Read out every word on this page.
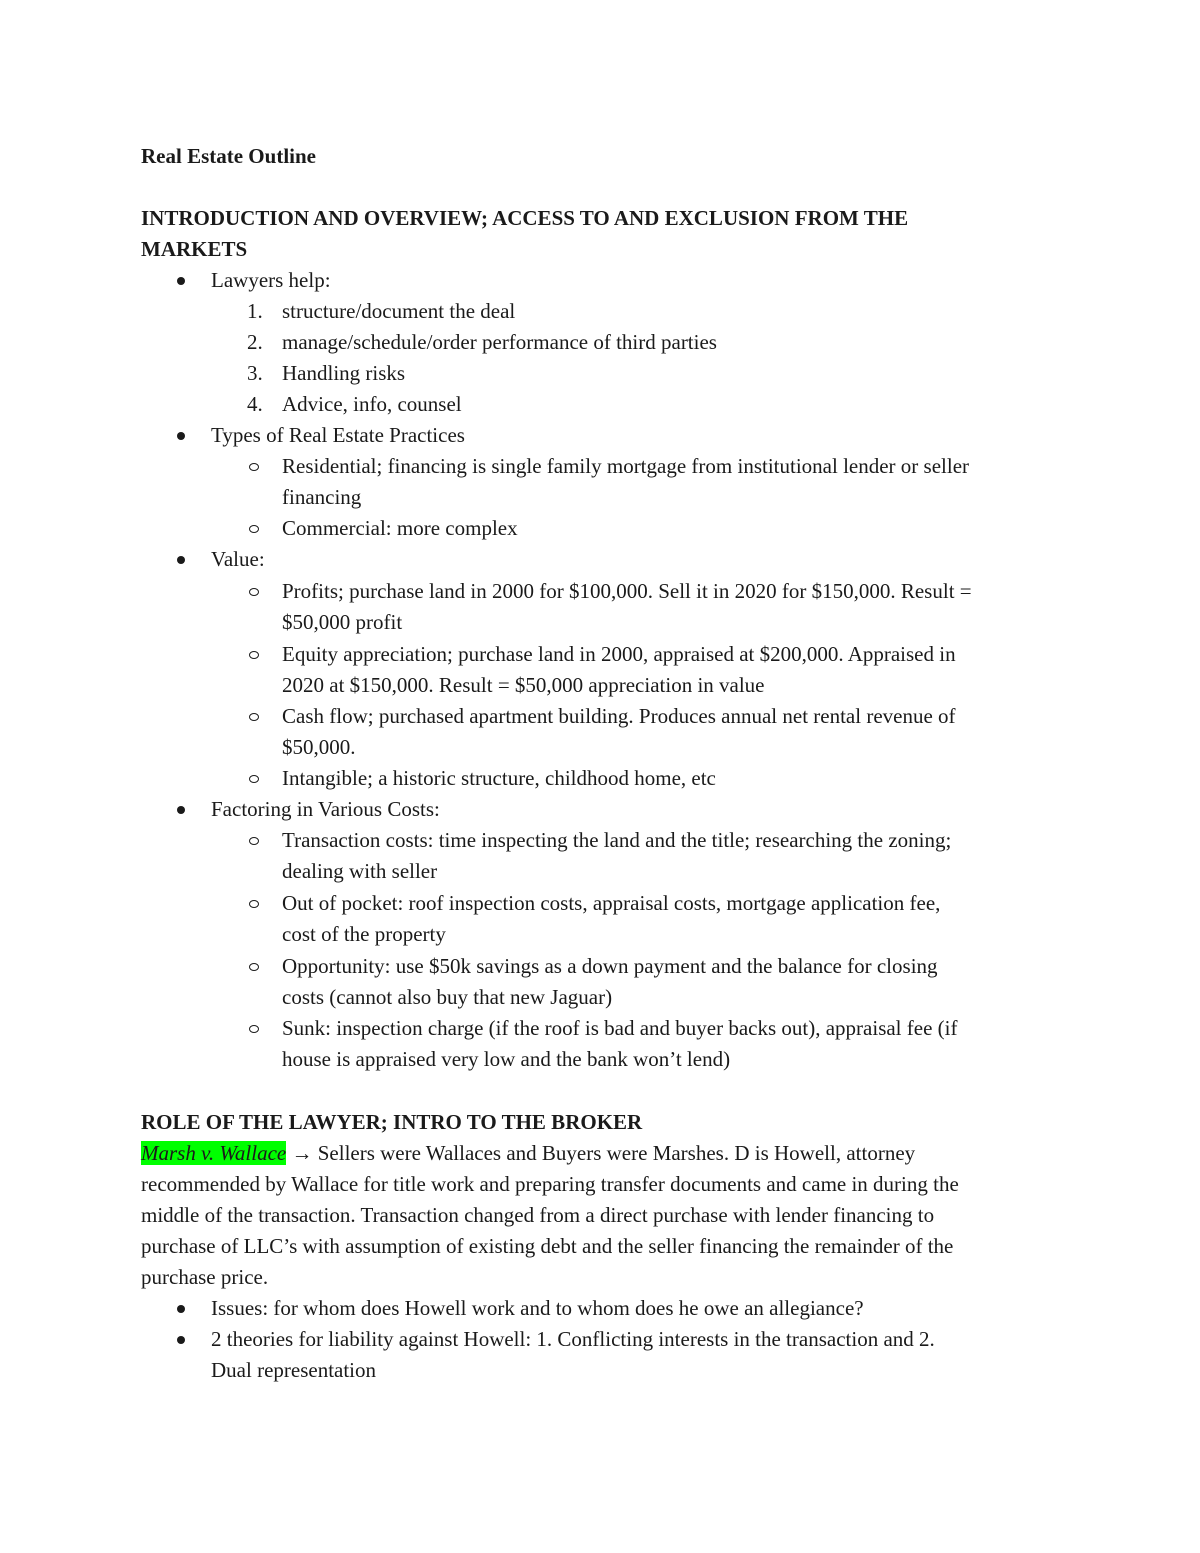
Real Estate Outline
INTRODUCTION AND OVERVIEW; ACCESS TO AND EXCLUSION FROM THE
MARKETS
Lawyers help:
1. structure/document the deal
2. manage/schedule/order performance of third parties
3. Handling risks
4. Advice, info, counsel
Types of Real Estate Practices
Residential; financing is single family mortgage from institutional lender or seller
financing
Commercial: more complex
Value:
Profits; purchase land in 2000 for $100,000. Sell it in 2020 for $150,000. Result =
$50,000 profit
Equity appreciation; purchase land in 2000, appraised at $200,000. Appraised in
2020 at $150,000. Result = $50,000 appreciation in value
Cash flow; purchased apartment building. Produces annual net rental revenue of
$50,000.
Intangible; a historic structure, childhood home, etc
Factoring in Various Costs:
Transaction costs: time inspecting the land and the title; researching the zoning;
dealing with seller
Out of pocket: roof inspection costs, appraisal costs, mortgage application fee,
cost of the property
Opportunity: use $50k savings as a down payment and the balance for closing
costs (cannot also buy that new Jaguar)
Sunk: inspection charge (if the roof is bad and buyer backs out), appraisal fee (if
house is appraised very low and the bank won’t lend)
ROLE OF THE LAWYER; INTRO TO THE BROKER
Marsh v. Wallace → Sellers were Wallaces and Buyers were Marshes. D is Howell, attorney
recommended by Wallace for title work and preparing transfer documents and came in during the
middle of the transaction. Transaction changed from a direct purchase with lender financing to
purchase of LLC’s with assumption of existing debt and the seller financing the remainder of the
purchase price.
Issues: for whom does Howell work and to whom does he owe an allegiance?
2 theories for liability against Howell: 1. Conflicting interests in the transaction and 2.
Dual representation
